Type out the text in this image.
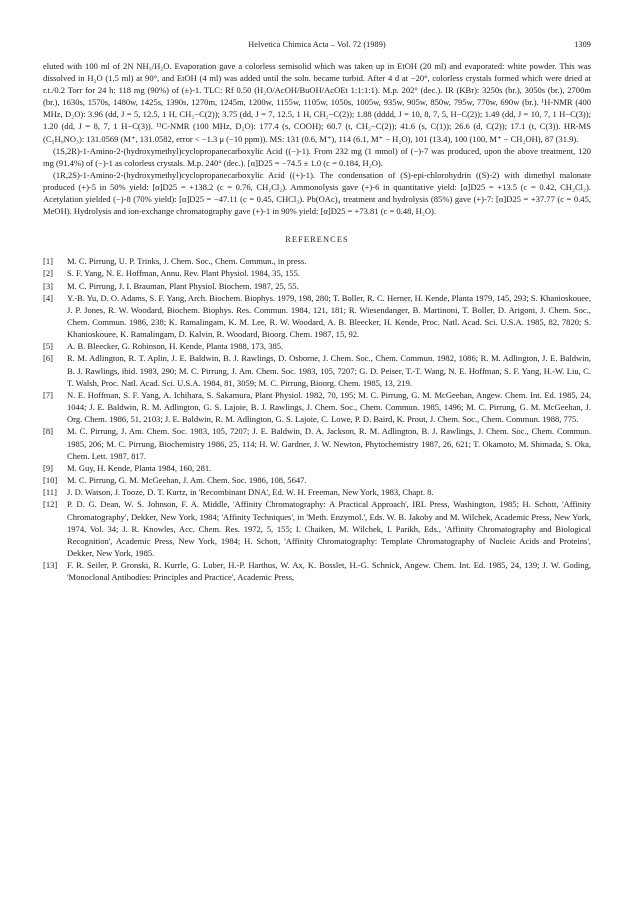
Helvetica Chimica Acta – Vol. 72 (1989)	1309

eluted with 100 ml of 2N NH₃/H₂O. Evaporation gave a colorless semisolid which was taken up in EtOH (20 ml) and evaporated: white powder. This was dissolved in H₂O (1.5 ml) at 90°, and EtOH (4 ml) was added until the soln. became turbid. After 4 d at −20°, colorless crystals formed which were dried at r.t./0.2 Torr for 24 h: 118 mg (90%) of (±)-1. TLC: Rf 0.50 (H₂O/AcOH/BuOH/AcOEt 1:1:1:1). M.p. 202° (dec.). IR (KBr): 3250s (br.), 3050s (br.), 2700m (br.), 1630s, 1570s, 1480w, 1425s, 1390s, 1270m, 1245m, 1200w, 1155w, 1105w, 1050s, 1005w, 935w, 905w, 850w, 795w, 770w, 690w (br.). ¹H-NMR (400 MHz, D₂O): 3.96 (dd, J = 5, 12.5, 1 H, CH₂−C(2)); 3.75 (dd, J = 7, 12.5, 1 H, CH₂−C(2)); 1.88 (dddd, J = 10, 8, 7, 5, H−C(2)); 1.49 (dd, J = 10, 7, 1 H−C(3)); 1.20 (dd, J = 8, 7, 1 H−C(3)). ¹³C-NMR (100 MHz, D₂O): 177.4 (s, COOH); 60.7 (t, CH₂−C(2)); 41.6 (s, C(1)); 26.6 (d, C(2)); 17.1 (t, C(3)). HR-MS (C₅H₉NO₃): 131.0569 (M⁺, 131.0582, error < −1.3 μ (−10 ppm)). MS: 131 (0.6, M⁺), 114 (6.1, M⁺ − H₂O), 101 (13.4), 100 (100, M⁺ − CH₂OH), 87 (31.9).

(1S,2R)-1-Amino-2-(hydroxymethyl)cyclopropanecarboxylic Acid ((−)-1). From 232 mg (1 mmol) of (−)-7 was produced, upon the above treatment, 120 mg (91.4%) of (−)-1 as colorless crystals. M.p. 240° (dec.). [α]D25 = −74.5 ± 1.0 (c = 0.184, H₂O).

(1R,2S)-1-Amino-2-(hydroxymethyl)cyclopropanecarboxylic Acid ((+)-1). The condensation of (S)-epi-chlorohydrin ((S)-2) with dimethyl malonate produced (+)-5 in 50% yield: [α]D25 = +138.2 (c = 0.76, CH₂Cl₂). Ammonolysis gave (+)-6 in quantitative yield: [α]D25 = +13.5 (c = 0.42, CH₂Cl₂). Acetylation yielded (−)-8 (70% yield): [α]D25 = −47.11 (c = 0.45, CHCl₃). Pb(OAc)₄ treatment and hydrolysis (85%) gave (+)-7: [α]D25 = +37.77 (c = 0.45, MeOH). Hydrolysis and ion-exchange chromatography gave (+)-1 in 90% yield: [α]D25 = +73.81 (c = 0.48, H₂O).

REFERENCES
[1] M. C. Pirrung, U. P. Trinks, J. Chem. Soc., Chem. Commun., in press.
[2] S. F. Yang, N. E. Hoffman, Annu. Rev. Plant Physiol. 1984, 35, 155.
[3] M. C. Pirrung, J. I. Brauman, Plant Physiol. Biochem. 1987, 25, 55.
[4] Y.-B. Yu, D. O. Adams, S. F. Yang, Arch. Biochem. Biophys. 1979, 198, 280; T. Boller, R. C. Herner, H. Kende, Planta 1979, 145, 293; S. Khanioskouee, J. P. Jones, R. W. Woodard, Biochem. Biophys. Res. Commun. 1984, 121, 181; R. Wiesendanger, B. Martinoni, T. Boller, D. Arigoni, J. Chem. Soc., Chem. Commun. 1986, 238; K. Ramalingam, K. M. Lee, R. W. Woodard, A. B. Bleecker, H. Kende, Proc. Natl. Acad. Sci. U.S.A. 1985, 82, 7820; S. Khanioskouee, K. Ramalingam, D. Kalvin, R. Woodard, Bioorg. Chem. 1987, 15, 92.
[5] A. B. Bleecker, G. Robinson, H. Kende, Planta 1988, 173, 385.
[6] R. M. Adlington, R. T. Aplin, J. E. Baldwin, B. J. Rawlings, D. Osborne, J. Chem. Soc., Chem. Commun. 1982, 1086; R. M. Adlington, J. E. Baldwin, B. J. Rawlings, ibid. 1983, 290; M. C. Pirrung, J. Am. Chem. Soc. 1983, 105, 7207; G. D. Peiser, T.-T. Wang, N. E. Hoffman, S. F. Yang, H.-W. Liu, C. T. Walsh, Proc. Natl. Acad. Sci. U.S.A. 1984, 81, 3059; M. C. Pirrung, Bioorg. Chem. 1985, 13, 219.
[7] N. E. Hoffman, S. F. Yang, A. Ichihara, S. Sakamura, Plant Physiol. 1982, 70, 195; M. C. Pirrung, G. M. McGeehan, Angew. Chem. Int. Ed. 1985, 24, 1044; J. E. Baldwin, R. M. Adlington, G. S. Lajoie, B. J. Rawlings, J. Chem. Soc., Chem. Commun. 1985, 1496; M. C. Pirrung, G. M. McGeehan, J. Org. Chem. 1986, 51, 2103; J. E. Baldwin, R. M. Adlington, G. S. Lajoie, C. Lowe, P. D. Baird, K. Prout, J. Chem. Soc., Chem. Commun. 1988, 775.
[8] M. C. Pirrung, J. Am. Chem. Soc. 1983, 105, 7207; J. E. Baldwin, D. A. Jackson, R. M. Adlington, B. J. Rawlings, J. Chem. Soc., Chem. Commun. 1985, 206; M. C. Pirrung, Biochemistry 1986, 25, 114; H. W. Gardner, J. W. Newton, Phytochemistry 1987, 26, 621; T. Okamoto, M. Shimada, S. Oka, Chem. Lett. 1987, 817.
[9] M. Guy, H. Kende, Planta 1984, 160, 281.
[10] M. C. Pirrung, G. M. McGeehan, J. Am. Chem. Soc. 1986, 108, 5647.
[11] J. D. Watson, J. Tooze, D. T. Kurtz, in 'Recombinant DNA', Ed. W. H. Freeman, New York, 1983, Chapt. 8.
[12] P. D. G. Dean, W. S. Johnson, F. A. Middle, 'Affinity Chromatography: A Practical Approach', IRL Press, Washington, 1985; H. Schott, 'Affinity Chromatography', Dekker, New York, 1984; 'Affinity Techniques', in 'Meth. Enzymol.', Eds. W. B. Jakoby and M. Wilchek, Academic Press, New York, 1974, Vol. 34; J. R. Knowles, Acc. Chem. Res. 1972, 5, 155; I. Chaiken, M. Wilchek, I. Parikh, Eds., 'Affinity Chromatography and Biological Recognition', Academic Press, New York, 1984; H. Schott, 'Affinity Chromatography: Template Chromatography of Nucleic Acids and Proteins', Dekker, New York, 1985.
[13] F. R. Seiler, P. Gronski, R. Kurrle, G. Luber, H.-P. Harthus, W. Ax, K. Bosslet, H.-G. Schnick, Angew. Chem. Int. Ed. 1985, 24, 139; J. W. Goding, 'Monoclonal Antibodies: Principles and Practice', Academic Press,
